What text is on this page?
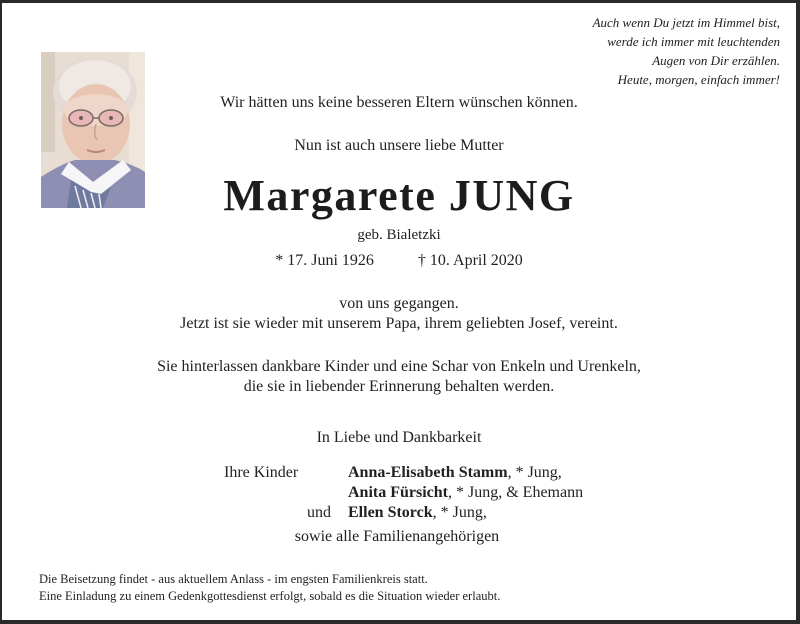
Auch wenn Du jetzt im Himmel bist,
werde ich immer mit leuchtenden
Augen von Dir erzählen.
Heute, morgen, einfach immer!
Wir hätten uns keine besseren Eltern wünschen können.
Nun ist auch unsere liebe Mutter
Margarete JUNG
geb. Bialetzki
* 17. Juni 1926	† 10. April 2020
von uns gegangen.
Jetzt ist sie wieder mit unserem Papa, ihrem geliebten Josef, vereint.
Sie hinterlassen dankbare Kinder und eine Schar von Enkeln und Urenkeln,
die sie in liebender Erinnerung behalten werden.
In Liebe und Dankbarkeit
Ihre Kinder	Anna-Elisabeth Stamm, * Jung,
Anita Fürsicht, * Jung, & Ehemann
und Ellen Storck, * Jung,
sowie alle Familienangehörigen
Die Beisetzung findet - aus aktuellem Anlass - im engsten Familienkreis statt.
Eine Einladung zu einem Gedenkgottesdienst erfolgt, sobald es die Situation wieder erlaubt.
